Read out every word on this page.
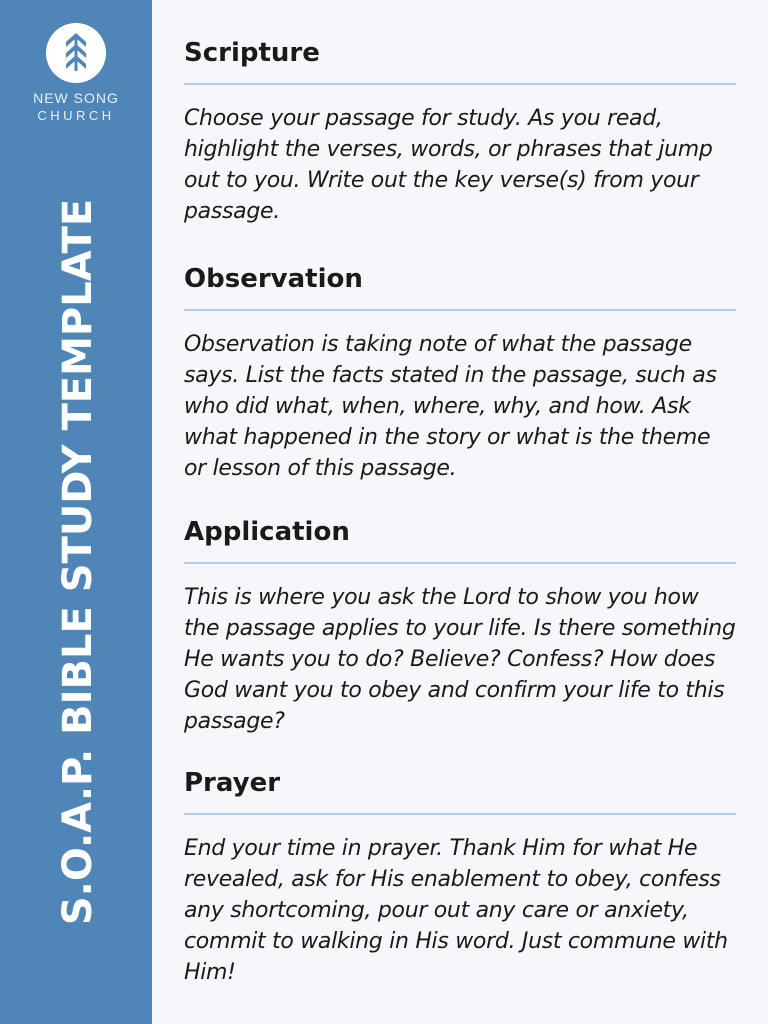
NEW SONG
CHURCH
S.O.A.P. BIBLE STUDY TEMPLATE
Scripture

Choose your passage for study. As you read, highlight the verses, words, or phrases that jump out to you. Write out the key verse(s) from your passage.

Observation

Observation is taking note of what the passage says. List the facts stated in the passage, such as who did what, when, where, why, and how. Ask what happened in the story or what is the theme or lesson of this passage.

Application

This is where you ask the Lord to show you how the passage applies to your life. Is there something He wants you to do? Believe? Confess? How does God want you to obey and confirm your life to this passage?

Prayer

End your time in prayer. Thank Him for what He revealed, ask for His enablement to obey, confess any shortcoming, pour out any care or anxiety, commit to walking in His word. Just commune with Him!
